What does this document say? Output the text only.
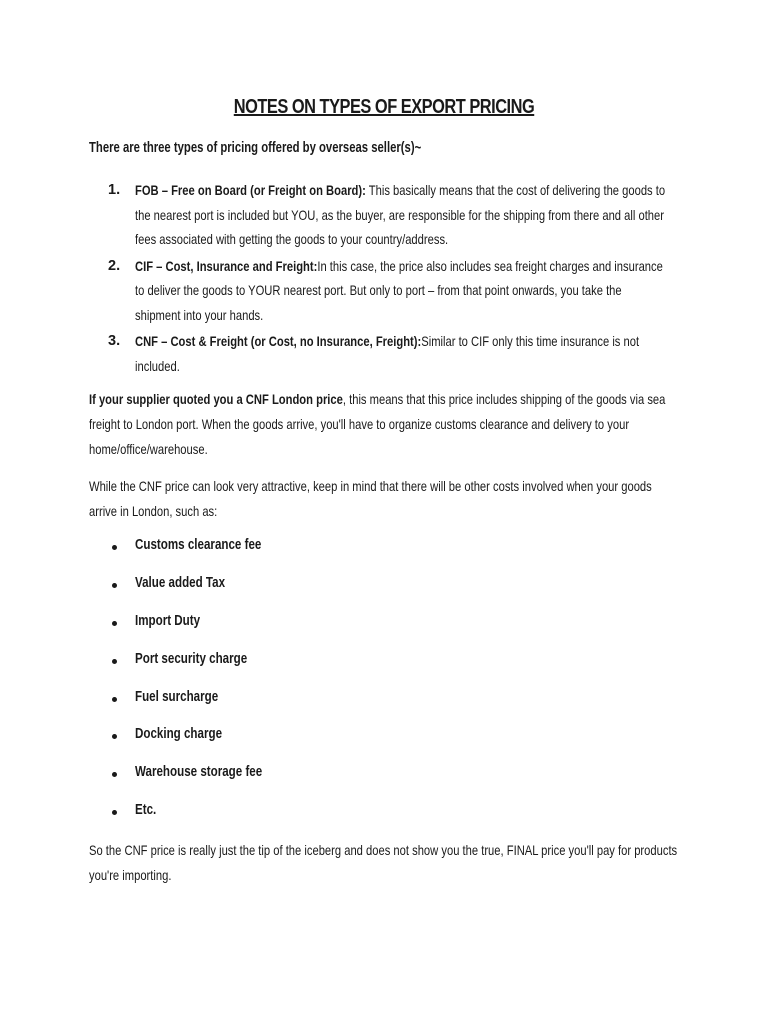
NOTES ON TYPES OF EXPORT PRICING
There are three types of pricing offered by overseas seller(s)~
1.	FOB – Free on Board (or Freight on Board): This basically means that the cost of delivering the goods to the nearest port is included but YOU, as the buyer, are responsible for the shipping from there and all other fees associated with getting the goods to your country/address.
2.	CIF – Cost, Insurance and Freight:In this case, the price also includes sea freight charges and insurance to deliver the goods to YOUR nearest port. But only to port – from that point onwards, you take the shipment into your hands.
3.	CNF – Cost & Freight (or Cost, no Insurance, Freight):Similar to CIF only this time insurance is not included.
If your supplier quoted you a CNF London price, this means that this price includes shipping of the goods via sea freight to London port. When the goods arrive, you'll have to organize customs clearance and delivery to your home/office/warehouse.
While the CNF price can look very attractive, keep in mind that there will be other costs involved when your goods arrive in London, such as:
Customs clearance fee
Value added Tax
Import Duty
Port security charge
Fuel surcharge
Docking charge
Warehouse storage fee
Etc.
So the CNF price is really just the tip of the iceberg and does not show you the true, FINAL price you'll pay for products you're importing.
